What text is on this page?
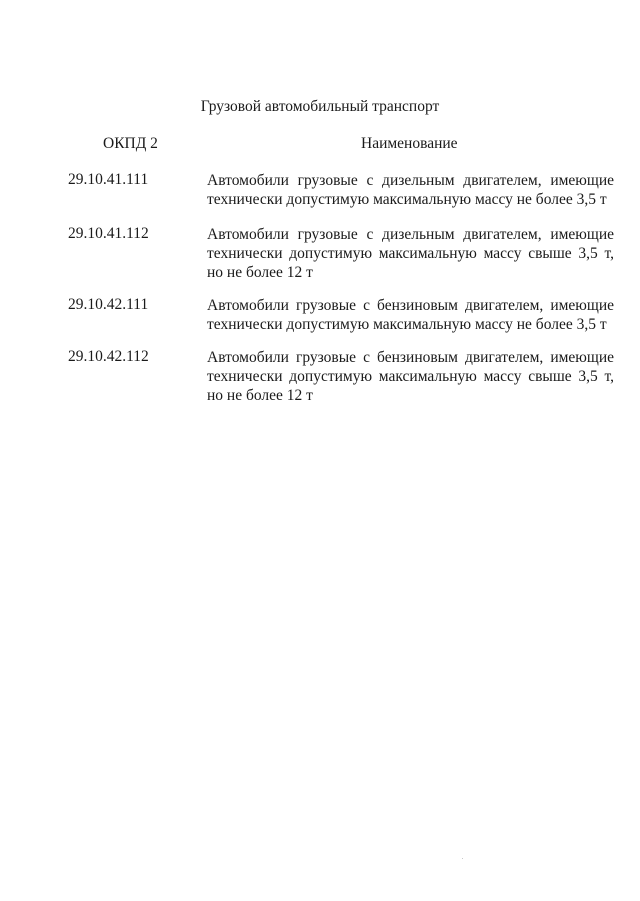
Грузовой автомобильный транспорт
ОКПД 2	Наименование
29.10.41.111	Автомобили грузовые с дизельным двигателем, имеющие
технически допустимую максимальную массу не более 3,5 т
29.10.41.112	Автомобили грузовые с дизельным двигателем, имеющие
технически допустимую максимальную массу свыше 3,5 т,
но не более 12 т
29.10.42.111	Автомобили грузовые с бензиновым двигателем, имеющие
технически допустимую максимальную массу не более 3,5 т
29.10.42.112	Автомобили грузовые с бензиновым двигателем, имеющие
технически допустимую максимальную массу свыше 3,5 т,
но не более 12 т
